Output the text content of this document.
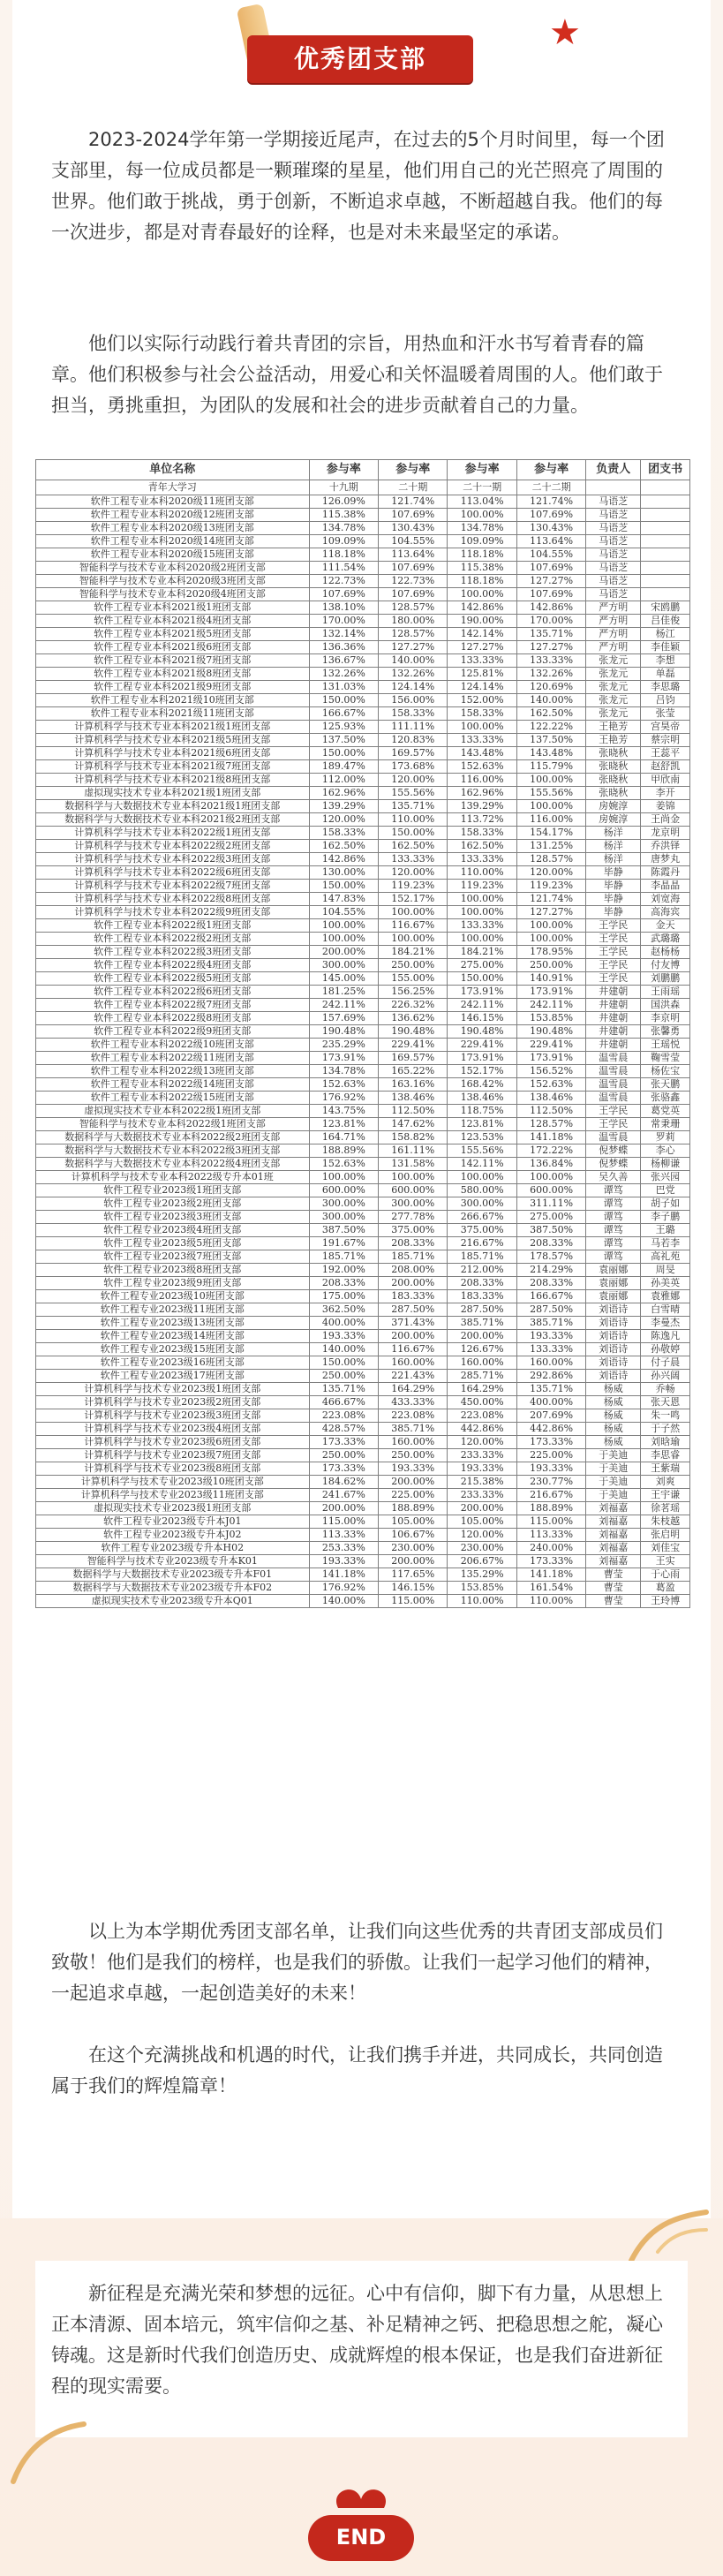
优秀团支部
★

2023-2024学年第一学期接近尾声，在过去的5个月时间里，每一个团支部里，每一位成员都是一颗璀璨的星星，他们用自己的光芒照亮了周围的世界。他们敢于挑战，勇于创新，不断追求卓越，不断超越自我。他们的每一次进步，都是对青春最好的诠释，也是对未来最坚定的承诺。

他们以实际行动践行着共青团的宗旨，用热血和汗水书写着青春的篇章。他们积极参与社会公益活动，用爱心和关怀温暖着周围的人。他们敢于担当，勇挑重担，为团队的发展和社会的进步贡献着自己的力量。

单位名称	参与率	参与率	参与率	参与率	负责人	团支书
青年大学习	十九期	二十期	二十一期	二十二期		
软件工程专业本科2020级11班团支部	126.09%	121.74%	113.04%	121.74%	马语芝	
软件工程专业本科2020级12班团支部	115.38%	107.69%	100.00%	107.69%	马语芝	
软件工程专业本科2020级13班团支部	134.78%	130.43%	134.78%	130.43%	马语芝	
软件工程专业本科2020级14班团支部	109.09%	104.55%	109.09%	113.64%	马语芝	
软件工程专业本科2020级15班团支部	118.18%	113.64%	118.18%	104.55%	马语芝	
智能科学与技术专业本科2020级2班团支部	111.54%	107.69%	115.38%	107.69%	马语芝	
智能科学与技术专业本科2020级3班团支部	122.73%	122.73%	118.18%	127.27%	马语芝	
智能科学与技术专业本科2020级4班团支部	107.69%	107.69%	100.00%	107.69%	马语芝	
软件工程专业本科2021级1班团支部	138.10%	128.57%	142.86%	142.86%	严方明	宋鸥鹏
软件工程专业本科2021级4班团支部	170.00%	180.00%	190.00%	170.00%	严方明	吕佳俊
软件工程专业本科2021级5班团支部	132.14%	128.57%	142.14%	135.71%	严方明	杨江
软件工程专业本科2021级6班团支部	136.36%	127.27%	127.27%	127.27%	严方明	李佳颖
软件工程专业本科2021级7班团支部	136.67%	140.00%	133.33%	133.33%	张龙元	李想
软件工程专业本科2021级8班团支部	132.26%	132.26%	125.81%	132.26%	张龙元	单磊
软件工程专业本科2021级9班团支部	131.03%	124.14%	124.14%	120.69%	张龙元	李思璐
软件工程专业本科2021级10班团支部	150.00%	156.00%	152.00%	140.00%	张龙元	吕钧
软件工程专业本科2021级11班团支部	166.67%	158.33%	158.33%	162.50%	张龙元	张莹
计算机科学与技术专业本科2021级1班团支部	125.93%	111.11%	100.00%	122.22%	王艳芳	宫昊帝
计算机科学与技术专业本科2021级5班团支部	137.50%	120.83%	133.33%	137.50%	王艳芳	蔡宗明
计算机科学与技术专业本科2021级6班团支部	150.00%	169.57%	143.48%	143.48%	张晓秋	王蕊平
计算机科学与技术专业本科2021级7班团支部	189.47%	173.68%	152.63%	115.79%	张晓秋	赵舒凯
计算机科学与技术专业本科2021级8班团支部	112.00%	120.00%	116.00%	100.00%	张晓秋	甲欣南
虚拟现实技术专业本科2021级1班团支部	162.96%	155.56%	162.96%	155.56%	张晓秋	李开
数据科学与大数据技术专业本科2021级1班团支部	139.29%	135.71%	139.29%	100.00%	房婉淳	姜锦
数据科学与大数据技术专业本科2021级2班团支部	120.00%	110.00%	113.72%	116.00%	房婉淳	王尚金
计算机科学与技术专业本科2022级1班团支部	158.33%	150.00%	158.33%	154.17%	杨洋	龙京明
计算机科学与技术专业本科2022级2班团支部	162.50%	162.50%	162.50%	131.25%	杨洋	乔洪铎
计算机科学与技术专业本科2022级3班团支部	142.86%	133.33%	133.33%	128.57%	杨洋	唐梦丸
计算机科学与技术专业本科2022级6班团支部	130.00%	120.00%	110.00%	120.00%	毕静	陈霞丹
计算机科学与技术专业本科2022级7班团支部	150.00%	119.23%	119.23%	119.23%	毕静	李晶晶
计算机科学与技术专业本科2022级8班团支部	147.83%	152.17%	100.00%	121.74%	毕静	刘宽海
计算机科学与技术专业本科2022级9班团支部	104.55%	100.00%	100.00%	127.27%	毕静	高海宾
软件工程专业本科2022级1班团支部	100.00%	116.67%	133.33%	100.00%	王学民	金天
软件工程专业本科2022级2班团支部	100.00%	100.00%	100.00%	100.00%	王学民	武璐璐
软件工程专业本科2022级3班团支部	200.00%	184.21%	184.21%	178.95%	王学民	赵杨杨
软件工程专业本科2022级4班团支部	300.00%	250.00%	275.00%	250.00%	王学民	付友博
软件工程专业本科2022级5班团支部	145.00%	155.00%	150.00%	140.91%	王学民	刘鹏鹏
软件工程专业本科2022级6班团支部	181.25%	156.25%	173.91%	173.91%	井建朝	王雨瑶
软件工程专业本科2022级7班团支部	242.11%	226.32%	242.11%	242.11%	井建朝	国洪森
软件工程专业本科2022级8班团支部	157.69%	136.62%	146.15%	153.85%	井建朝	李京明
软件工程专业本科2022级9班团支部	190.48%	190.48%	190.48%	190.48%	井建朝	张馨勇
软件工程专业本科2022级10班团支部	235.29%	229.41%	229.41%	229.41%	井建朝	王瑶悦
软件工程专业本科2022级11班团支部	173.91%	169.57%	173.91%	173.91%	温雪晨	鞠雪莹
软件工程专业本科2022级13班团支部	134.78%	165.22%	152.17%	156.52%	温雪晨	杨佐宝
软件工程专业本科2022级14班团支部	152.63%	163.16%	168.42%	152.63%	温雪晨	张天鹏
软件工程专业本科2022级15班团支部	176.92%	138.46%	138.46%	138.46%	温雪晨	张骆鑫
虚拟现实技术专业本科2022级1班团支部	143.75%	112.50%	118.75%	112.50%	王学民	葛党英
智能科学与技术专业本科2022级1班团支部	123.81%	147.62%	123.81%	128.57%	王学民	常秉珊
数据科学与大数据技术专业本科2022级2班团支部	164.71%	158.82%	123.53%	141.18%	温雪晨	罗莉
数据科学与大数据技术专业本科2022级3班团支部	188.89%	161.11%	155.56%	172.22%	倪梦蝶	李心
数据科学与大数据技术专业本科2022级4班团支部	152.63%	131.58%	142.11%	136.84%	倪梦蝶	杨柳谦
计算机科学与技术专业本科2022级专升本01班	100.00%	100.00%	100.00%	100.00%	吴久善	张兴园
软件工程专业2023级1班团支部	600.00%	600.00%	580.00%	600.00%	谭笃	巴党
软件工程专业2023级2班团支部	300.00%	300.00%	300.00%	311.11%	谭笃	胡子如
软件工程专业2023级3班团支部	300.00%	277.78%	266.67%	275.00%	谭笃	李子鹏
软件工程专业2023级4班团支部	387.50%	375.00%	375.00%	387.50%	谭笃	王璐
软件工程专业2023级5班团支部	191.67%	208.33%	216.67%	208.33%	谭笃	马若李
软件工程专业2023级7班团支部	185.71%	185.71%	185.71%	178.57%	谭笃	高礼苑
软件工程专业2023级8班团支部	192.00%	208.00%	212.00%	214.29%	袁丽娜	周旻
软件工程专业2023级9班团支部	208.33%	200.00%	208.33%	208.33%	袁丽娜	孙美英
软件工程专业2023级10班团支部	175.00%	183.33%	183.33%	166.67%	袁丽娜	袁雅娜
软件工程专业2023级11班团支部	362.50%	287.50%	287.50%	287.50%	刘语诗	白雪晴
软件工程专业2023级13班团支部	400.00%	371.43%	385.71%	385.71%	刘语诗	李曼杰
软件工程专业2023级14班团支部	193.33%	200.00%	200.00%	193.33%	刘语诗	陈逸凡
软件工程专业2023级15班团支部	140.00%	116.67%	126.67%	133.33%	刘语诗	孙敬婷
软件工程专业2023级16班团支部	150.00%	160.00%	160.00%	160.00%	刘语诗	付子晨
软件工程专业2023级17班团支部	250.00%	221.43%	285.71%	292.86%	刘语诗	孙兴阔
计算机科学与技术专业2023级1班团支部	135.71%	164.29%	164.29%	135.71%	杨威	乔畅
计算机科学与技术专业2023级2班团支部	466.67%	433.33%	450.00%	400.00%	杨威	张天恩
计算机科学与技术专业2023级3班团支部	223.08%	223.08%	223.08%	207.69%	杨威	朱一鸣
计算机科学与技术专业2023级4班团支部	428.57%	385.71%	442.86%	442.86%	杨威	于子然
计算机科学与技术专业2023级6班团支部	173.33%	160.00%	120.00%	173.33%	杨威	刘晗瑜
计算机科学与技术专业2023级7班团支部	250.00%	250.00%	233.33%	225.00%	于美迪	李思睿
计算机科学与技术专业2023级8班团支部	173.33%	193.33%	193.33%	193.33%	于美迪	王紫瑞
计算机科学与技术专业2023级10班团支部	184.62%	200.00%	215.38%	230.77%	于美迪	刘爽
计算机科学与技术专业2023级11班团支部	241.67%	225.00%	233.33%	216.67%	于美迪	王宇谦
虚拟现实技术专业2023级1班团支部	200.00%	188.89%	200.00%	188.89%	刘福嘉	徐茗瑶
软件工程专业2023级专升本J01	115.00%	105.00%	105.00%	115.00%	刘福嘉	朱枝越
软件工程专业2023级专升本J02	113.33%	106.67%	120.00%	113.33%	刘福嘉	张启明
软件工程专业2023级专升本H02	253.33%	230.00%	230.00%	240.00%	刘福嘉	刘佳宝
智能科学与技术专业2023级专升本K01	193.33%	200.00%	206.67%	173.33%	刘福嘉	王实
数据科学与大数据技术专业2023级专升本F01	141.18%	117.65%	135.29%	141.18%	曹莹	于心雨
数据科学与大数据技术专业2023级专升本F02	176.92%	146.15%	153.85%	161.54%	曹莹	葛盈
虚拟现实技术专业2023级专升本Q01	140.00%	115.00%	110.00%	110.00%	曹莹	王玲博

以上为本学期优秀团支部名单，让我们向这些优秀的共青团支部成员们致敬！他们是我们的榜样，也是我们的骄傲。让我们一起学习他们的精神，一起追求卓越，一起创造美好的未来！

在这个充满挑战和机遇的时代，让我们携手并进，共同成长，共同创造属于我们的辉煌篇章！

新征程是充满光荣和梦想的远征。心中有信仰，脚下有力量，从思想上正本清源、固本培元，筑牢信仰之基、补足精神之钙、把稳思想之舵，凝心铸魂。这是新时代我们创造历史、成就辉煌的根本保证，也是我们奋进新征程的现实需要。

END
